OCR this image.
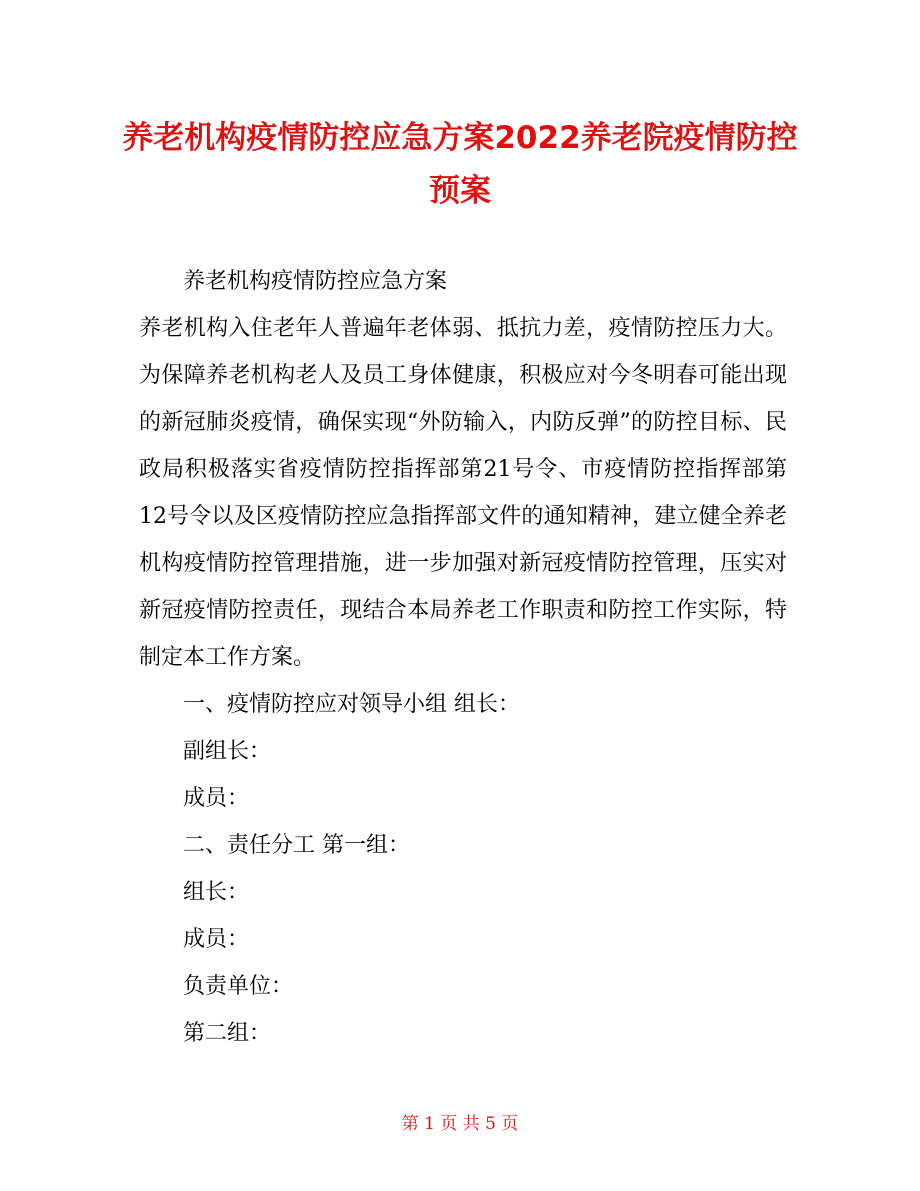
养老机构疫情防控应急方案2022养老院疫情防控预案

养老机构疫情防控应急方案

养老机构入住老年人普遍年老体弱、抵抗力差，疫情防控压力大。为保障养老机构老人及员工身体健康，积极应对今冬明春可能出现的新冠肺炎疫情，确保实现“外防输入，内防反弹”的防控目标、民政局积极落实省疫情防控指挥部第21号令、市疫情防控指挥部第12号令以及区疫情防控应急指挥部文件的通知精神，建立健全养老机构疫情防控管理措施，进一步加强对新冠疫情防控管理，压实对新冠疫情防控责任，现结合本局养老工作职责和防控工作实际，特制定本工作方案。

一、疫情防控应对领导小组 组长：

副组长：

成员：

二、责任分工 第一组：

组长：

成员：

负责单位：

第二组：

第 1 页 共 5 页
